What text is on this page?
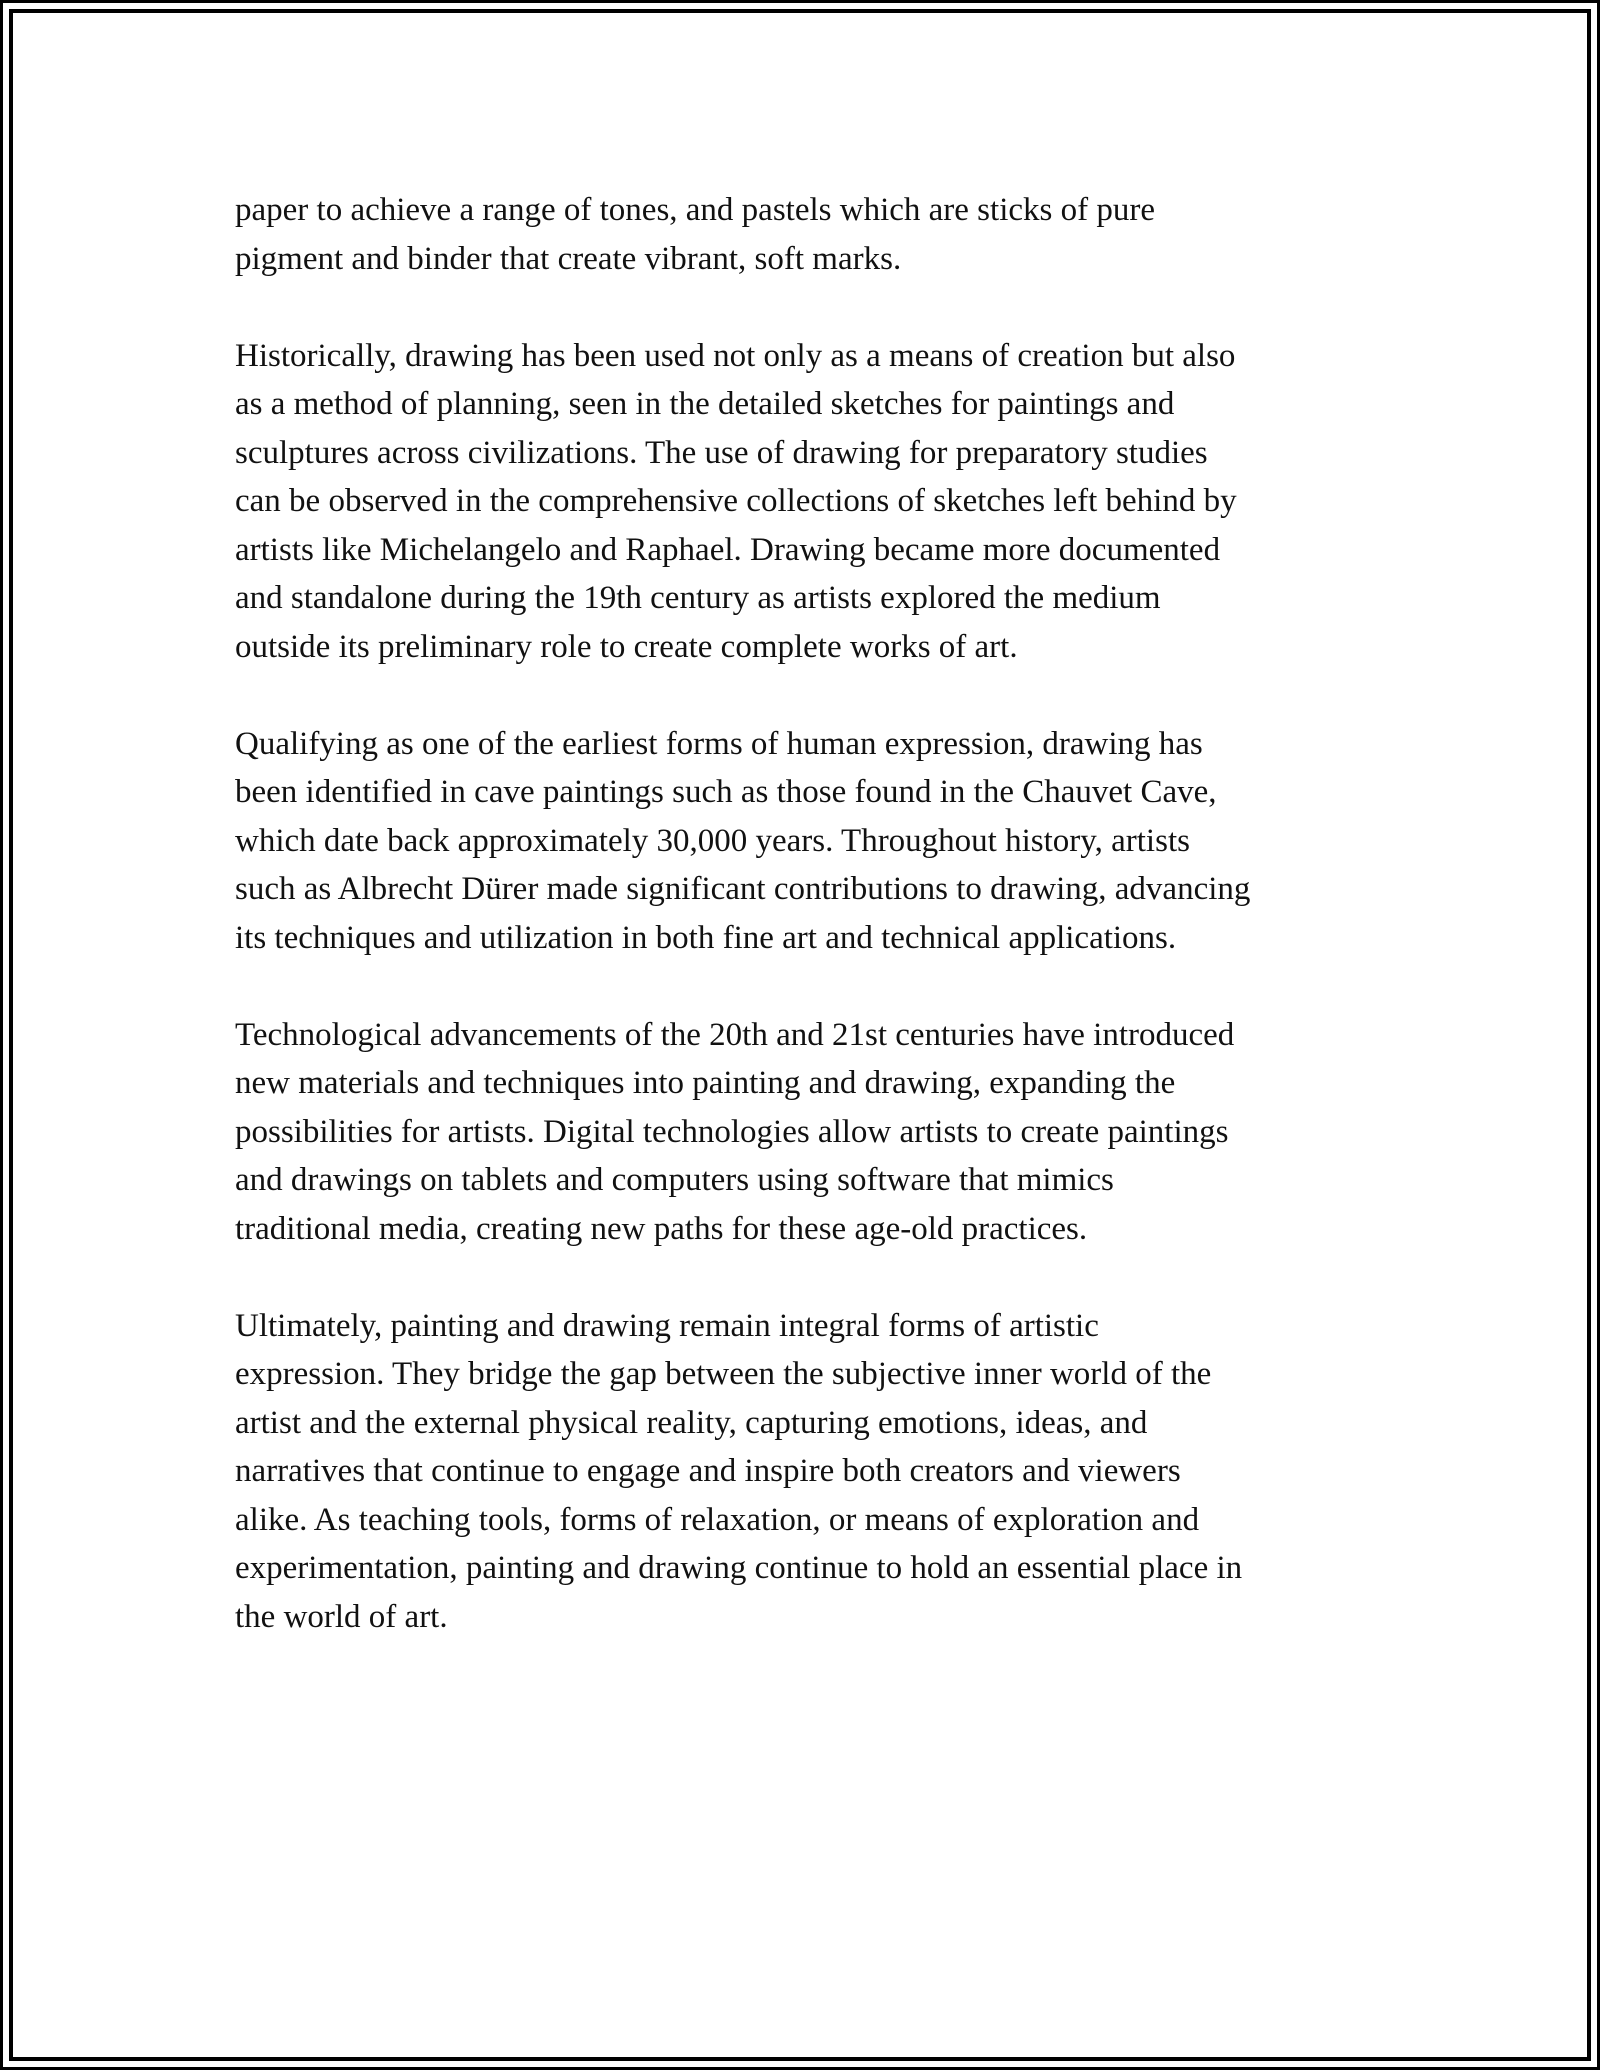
paper to achieve a range of tones, and pastels which are sticks of pure
pigment and binder that create vibrant, soft marks.

Historically, drawing has been used not only as a means of creation but also
as a method of planning, seen in the detailed sketches for paintings and
sculptures across civilizations. The use of drawing for preparatory studies
can be observed in the comprehensive collections of sketches left behind by
artists like Michelangelo and Raphael. Drawing became more documented
and standalone during the 19th century as artists explored the medium
outside its preliminary role to create complete works of art.

Qualifying as one of the earliest forms of human expression, drawing has
been identified in cave paintings such as those found in the Chauvet Cave,
which date back approximately 30,000 years. Throughout history, artists
such as Albrecht Dürer made significant contributions to drawing, advancing
its techniques and utilization in both fine art and technical applications.

Technological advancements of the 20th and 21st centuries have introduced
new materials and techniques into painting and drawing, expanding the
possibilities for artists. Digital technologies allow artists to create paintings
and drawings on tablets and computers using software that mimics
traditional media, creating new paths for these age-old practices.

Ultimately, painting and drawing remain integral forms of artistic
expression. They bridge the gap between the subjective inner world of the
artist and the external physical reality, capturing emotions, ideas, and
narratives that continue to engage and inspire both creators and viewers
alike. As teaching tools, forms of relaxation, or means of exploration and
experimentation, painting and drawing continue to hold an essential place in
the world of art.
